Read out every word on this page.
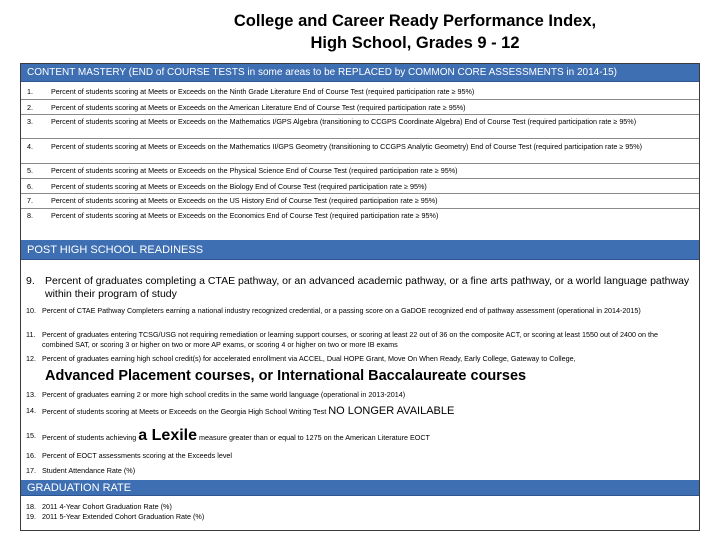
College and Career Ready Performance Index,
High School, Grades 9 - 12
CONTENT MASTERY (END of COURSE TESTS in some areas to be REPLACED by COMMON CORE ASSESSMENTS in 2014-15)
1.	Percent of students scoring at Meets or Exceeds on the Ninth Grade Literature End of Course Test (required participation rate ≥ 95%)
2.	Percent of students scoring at Meets or Exceeds on the American Literature End of Course Test (required participation rate ≥ 95%)
3.	Percent of students scoring at Meets or Exceeds on the Mathematics I/GPS Algebra (transitioning to CCGPS Coordinate Algebra) End of Course Test (required participation rate ≥ 95%)
4.	Percent of students scoring at Meets or Exceeds on the Mathematics II/GPS Geometry (transitioning to CCGPS Analytic Geometry) End of Course Test (required participation rate ≥ 95%)
5.	Percent of students scoring at Meets or Exceeds on the Physical Science End of Course Test (required participation rate ≥ 95%)
6.	Percent of students scoring at Meets or Exceeds on the Biology End of Course Test (required participation rate ≥ 95%)
7.	Percent of students scoring at Meets or Exceeds on the US History End of Course Test (required participation rate ≥ 95%)
8.	Percent of students scoring at Meets or Exceeds on the Economics End of Course Test (required participation rate ≥ 95%)
POST HIGH SCHOOL READINESS
9. Percent of graduates completing a CTAE pathway, or an advanced academic pathway, or a fine arts pathway, or a world language pathway within their program of study
10. Percent of CTAE Pathway Completers earning a national industry recognized credential, or a passing score on a GaDOE recognized end of pathway assessment (operational in 2014-2015)
11. Percent of graduates entering TCSG/USG not requiring remediation or learning support courses, or scoring at least 22 out of 36 on the composite ACT, or scoring at least 1550 out of 2400 on the combined SAT, or scoring 3 or higher on two or more AP exams, or scoring 4 or higher on two or more IB exams
12. Percent of graduates earning high school credit(s) for accelerated enrollment via ACCEL, Dual HOPE Grant, Move On When Ready, Early College, Gateway to College,
Advanced Placement courses, or International Baccalaureate courses
13. Percent of graduates earning 2 or more high school credits in the same world language (operational in 2013-2014)
14. Percent of students scoring at Meets or Exceeds on the Georgia High School Writing Test NO LONGER AVAILABLE
15. Percent of students achieving a Lexile measure greater than or equal to 1275 on the American Literature EOCT
16. Percent of EOCT assessments scoring at the Exceeds level
17. Student Attendance Rate (%)
GRADUATION RATE
18. 2011 4-Year Cohort Graduation Rate (%)
19. 2011 5-Year Extended Cohort Graduation Rate (%)
